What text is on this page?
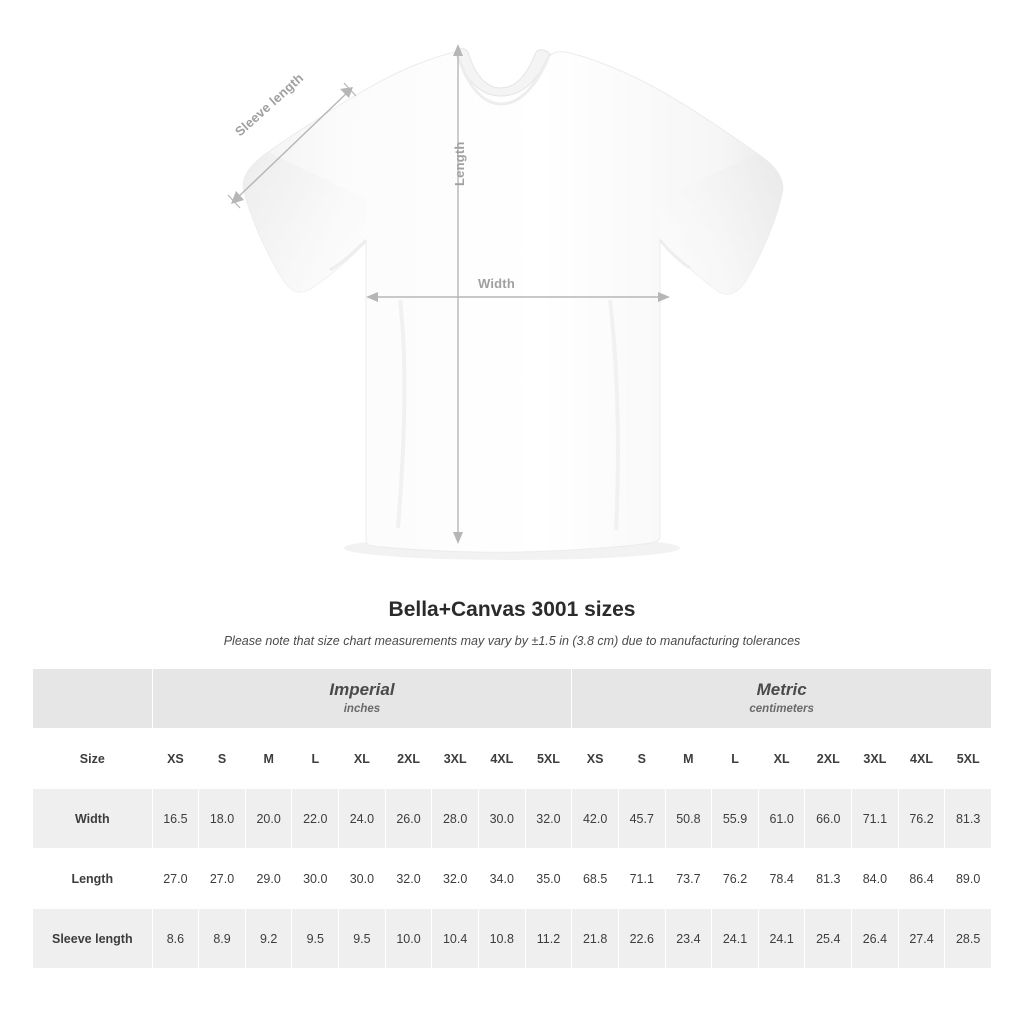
Sleeve length
Length
Width
Bella+Canvas 3001 sizes

Please note that size chart measurements may vary by ±1.5 in (3.8 cm) due to manufacturing tolerances

	Imperial
inches									Metric
centimeters								

Size	XS	S	M	L	XL	2XL	3XL	4XL	5XL	XS	S	M	L	XL	2XL	3XL	4XL	5XL
Width	16.5	18.0	20.0	22.0	24.0	26.0	28.0	30.0	32.0	42.0	45.7	50.8	55.9	61.0	66.0	71.1	76.2	81.3
Length	27.0	27.0	29.0	30.0	30.0	32.0	32.0	34.0	35.0	68.5	71.1	73.7	76.2	78.4	81.3	84.0	86.4	89.0
Sleeve length	8.6	8.9	9.2	9.5	9.5	10.0	10.4	10.8	11.2	21.8	22.6	23.4	24.1	24.1	25.4	26.4	27.4	28.5
